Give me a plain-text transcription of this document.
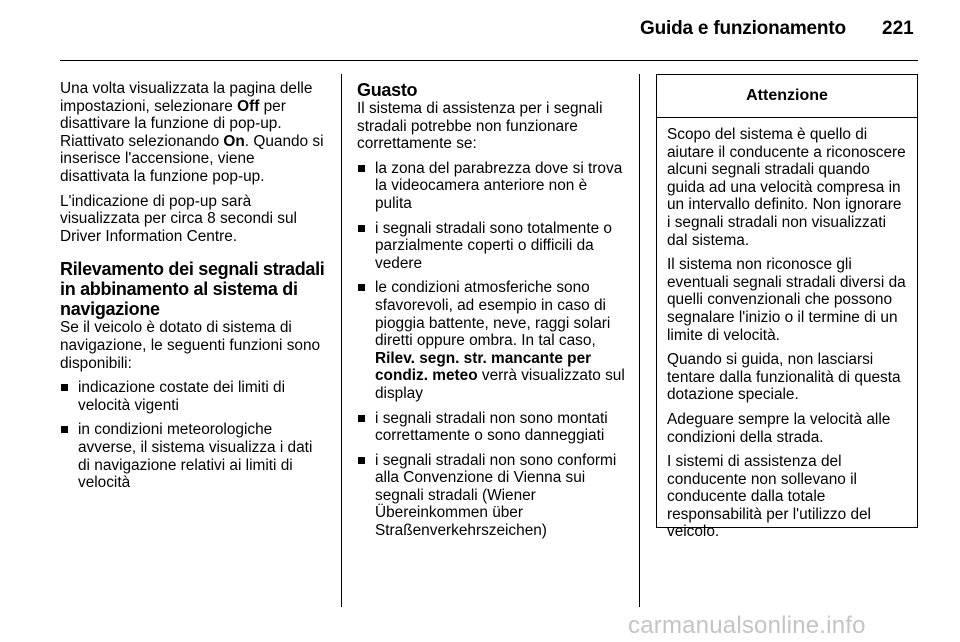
Guida e funzionamento 221

Una volta visualizzata la pagina delle impostazioni, selezionare Off per disattivare la funzione di pop-up. Riattivato selezionando On. Quando si inserisce l'accensione, viene disattivata la funzione pop-up.

L'indicazione di pop-up sarà visualizzata per circa 8 secondi sul Driver Information Centre.

Rilevamento dei segnali stradali in abbinamento al sistema di navigazione

Se il veicolo è dotato di sistema di navigazione, le seguenti funzioni sono disponibili:

indicazione costate dei limiti di velocità vigenti
in condizioni meteorologiche avverse, il sistema visualizza i dati di navigazione relativi ai limiti di velocità
Guasto

Il sistema di assistenza per i segnali stradali potrebbe non funzionare correttamente se:

la zona del parabrezza dove si trova la videocamera anteriore non è pulita
i segnali stradali sono totalmente o parzialmente coperti o difficili da vedere
le condizioni atmosferiche sono sfavorevoli, ad esempio in caso di pioggia battente, neve, raggi solari diretti oppure ombra. In tal caso, Rilev. segn. str. mancante per condiz. meteo verrà visualizzato sul display
i segnali stradali non sono montati correttamente o sono danneggiati
i segnali stradali non sono conformi alla Convenzione di Vienna sui segnali stradali (Wiener Übereinkommen über Straßenverkehrszeichen)
Attenzione

Scopo del sistema è quello di aiutare il conducente a riconoscere alcuni segnali stradali quando guida ad una velocità compresa in un intervallo definito. Non ignorare i segnali stradali non visualizzati dal sistema.

Il sistema non riconosce gli eventuali segnali stradali diversi da quelli convenzionali che possono segnalare l'inizio o il termine di un limite di velocità.

Quando si guida, non lasciarsi tentare dalla funzionalità di questa dotazione speciale.

Adeguare sempre la velocità alle condizioni della strada.

I sistemi di assistenza del conducente non sollevano il conducente dalla totale responsabilità per l'utilizzo del veicolo.

carmanualsonline.info
